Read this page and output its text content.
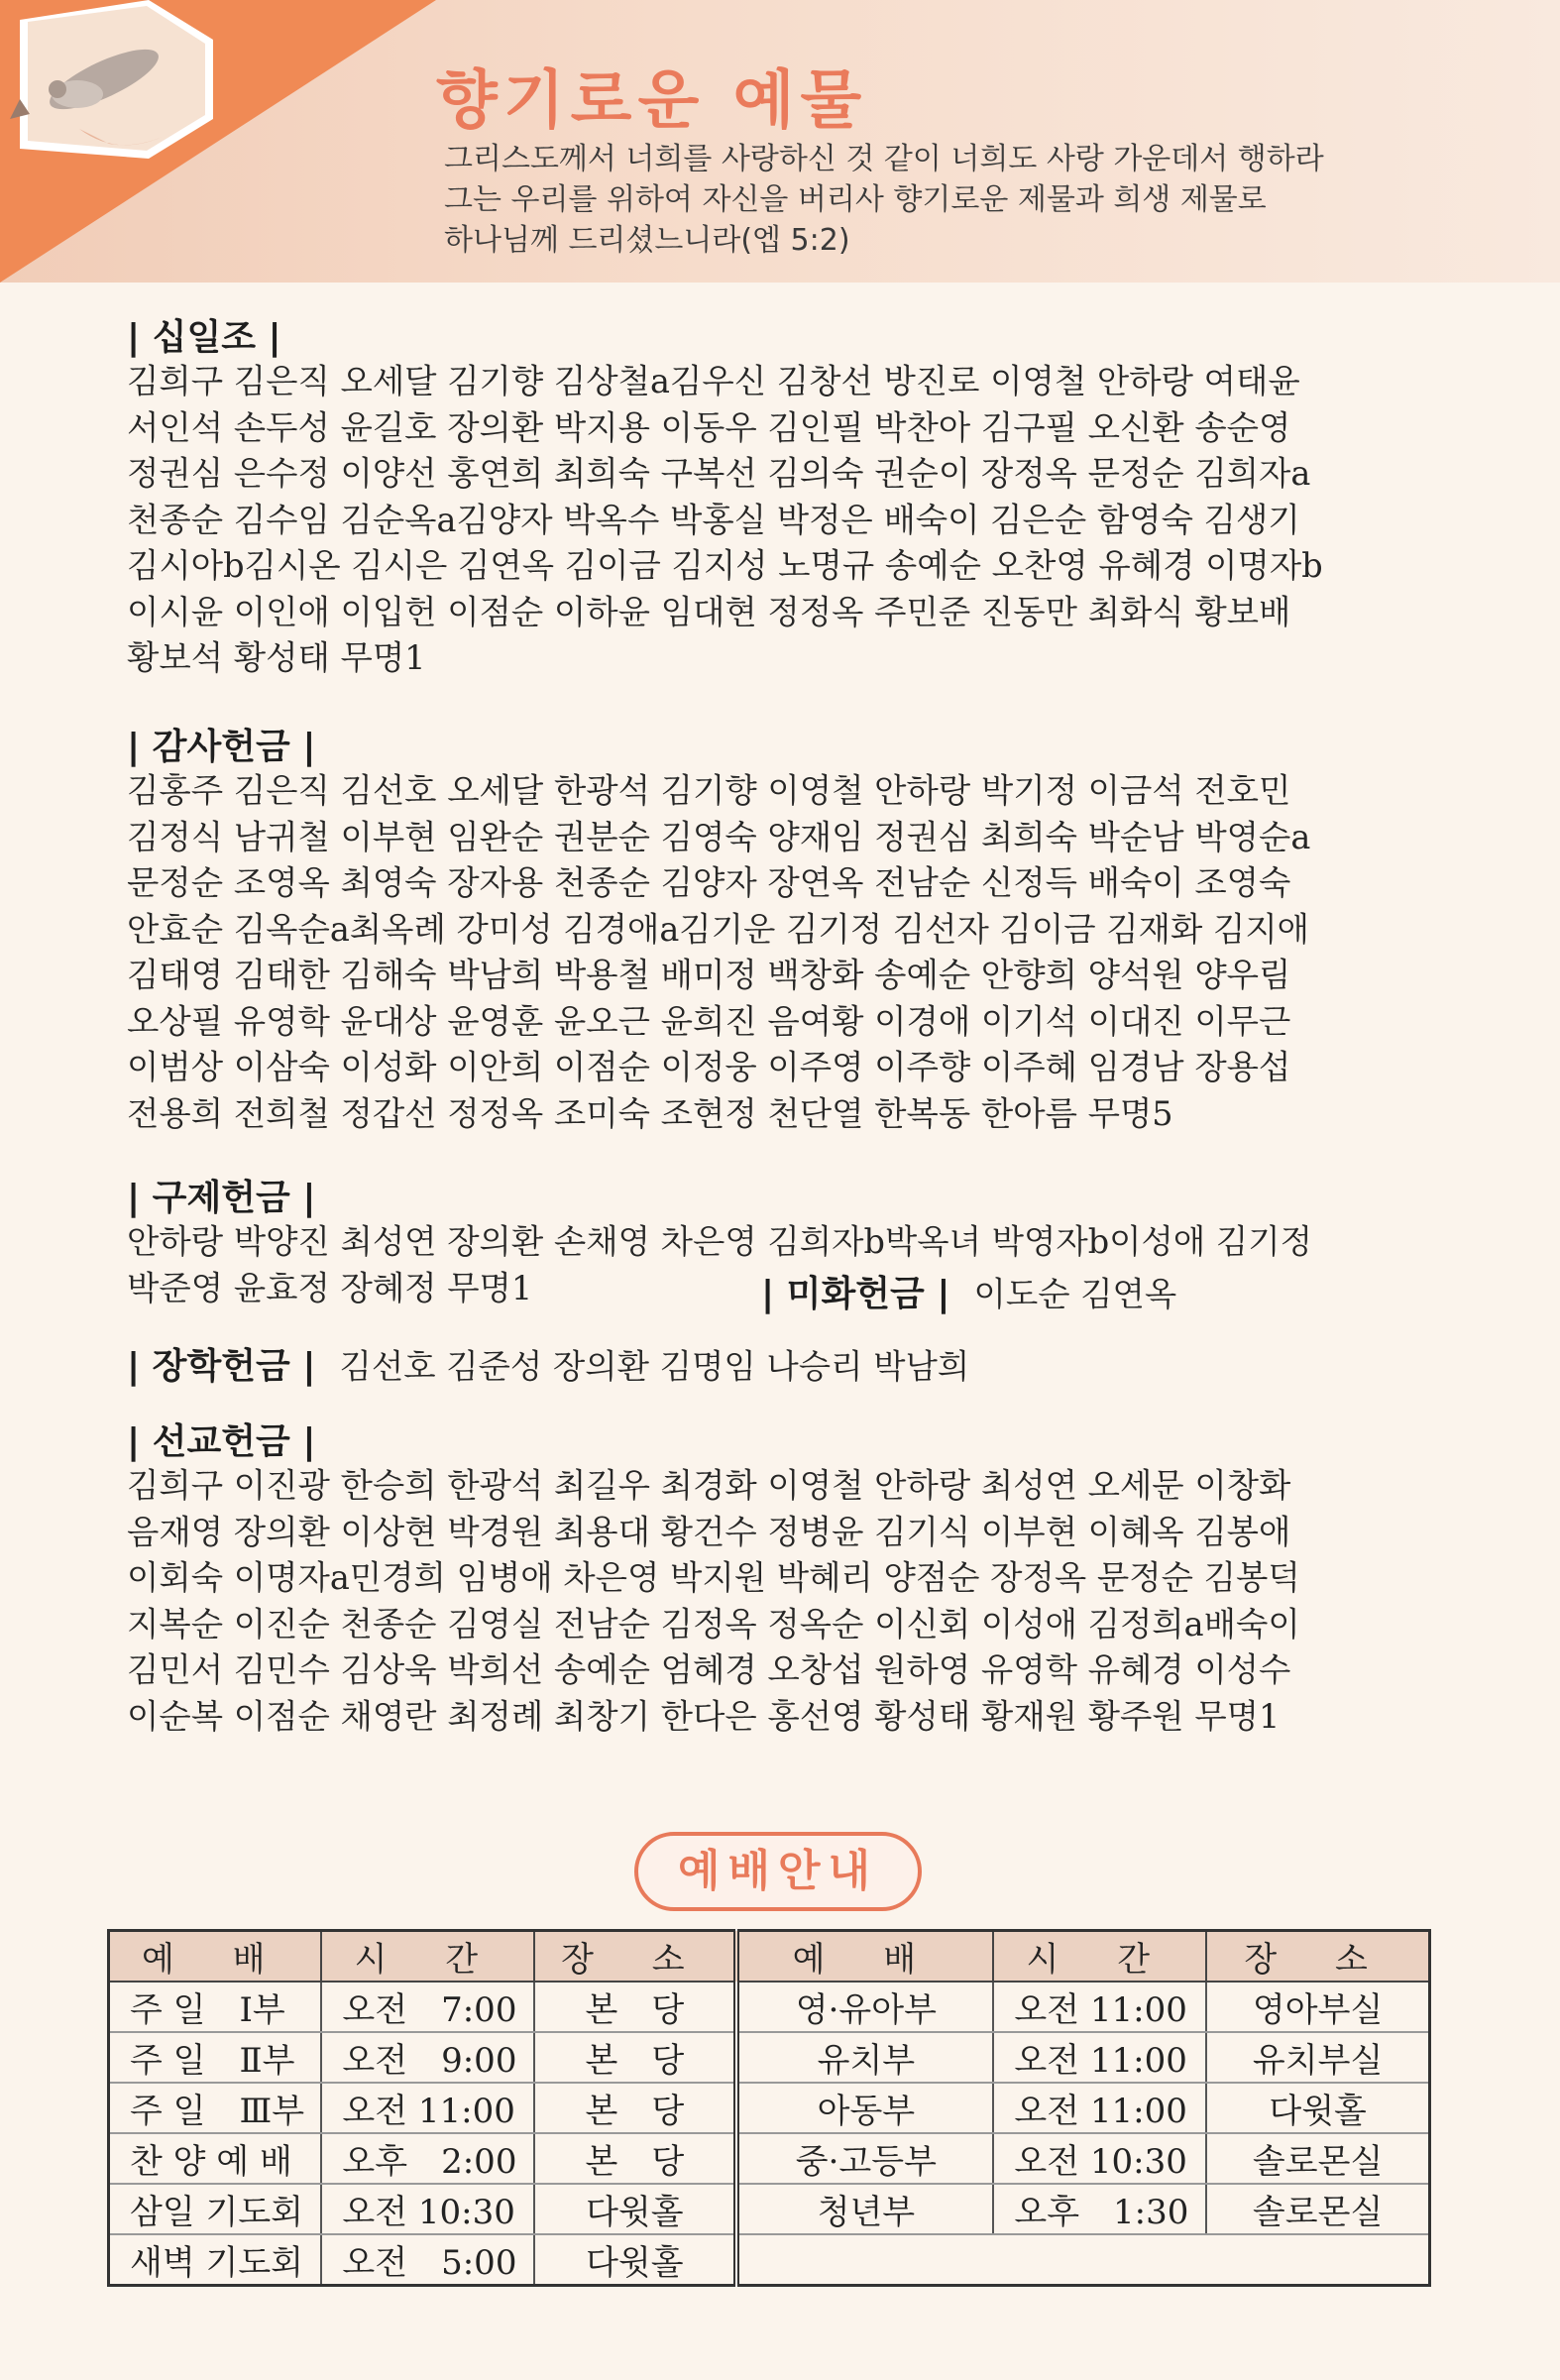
향기로운 예물
그리스도께서 너희를 사랑하신 것 같이 너희도 사랑 가운데서 행하라
그는 우리를 위하여 자신을 버리사 향기로운 제물과 희생 제물로
하나님께 드리셨느니라(엡 5:2)
| 십일조 |
김희구 김은직 오세달 김기향 김상철a김우신 김창선 방진로 이영철 안하랑 여태윤
서인석 손두성 윤길호 장의환 박지용 이동우 김인필 박찬아 김구필 오신환 송순영
정권심 은수정 이양선 홍연희 최희숙 구복선 김의숙 권순이 장정옥 문정순 김희자a
천종순 김수임 김순옥a김양자 박옥수 박홍실 박정은 배숙이 김은순 함영숙 김생기
김시아b김시온 김시은 김연옥 김이금 김지성 노명규 송예순 오찬영 유혜경 이명자b
이시윤 이인애 이입헌 이점순 이하윤 임대현 정정옥 주민준 진동만 최화식 황보배
황보석 황성태 무명1
| 감사헌금 |
김홍주 김은직 김선호 오세달 한광석 김기향 이영철 안하랑 박기정 이금석 전호민
김정식 남귀철 이부현 임완순 권분순 김영숙 양재임 정권심 최희숙 박순남 박영순a
문정순 조영옥 최영숙 장자용 천종순 김양자 장연옥 전남순 신정득 배숙이 조영숙
안효순 김옥순a최옥례 강미성 김경애a김기운 김기정 김선자 김이금 김재화 김지애
김태영 김태한 김해숙 박남희 박용철 배미정 백창화 송예순 안향희 양석원 양우림
오상필 유영학 윤대상 윤영훈 윤오근 윤희진 음여황 이경애 이기석 이대진 이무근
이범상 이삼숙 이성화 이안희 이점순 이정웅 이주영 이주향 이주혜 임경남 장용섭
전용희 전희철 정갑선 정정옥 조미숙 조현정 천단열 한복동 한아름 무명5
| 구제헌금 |
안하랑 박양진 최성연 장의환 손채영 차은영 김희자b박옥녀 박영자b이성애 김기정
박준영 윤효정 장혜정 무명1	| 미화헌금 | 이도순 김연옥
| 장학헌금 | 김선호 김준성 장의환 김명임 나승리 박남희
| 선교헌금 |
김희구 이진광 한승희 한광석 최길우 최경화 이영철 안하랑 최성연 오세문 이창화
음재영 장의환 이상현 박경원 최용대 황건수 정병윤 김기식 이부현 이혜옥 김봉애
이회숙 이명자a민경희 임병애 차은영 박지원 박혜리 양점순 장정옥 문정순 김봉덕
지복순 이진순 천종순 김영실 전남순 김정옥 정옥순 이신회 이성애 김정희a배숙이
김민서 김민수 김상욱 박희선 송예순 엄혜경 오창섭 원하영 유영학 유혜경 이성수
이순복 이점순 채영란 최정례 최창기 한다은 홍선영 황성태 황재원 황주원 무명1
예배안내
예 배	시 간	장 소	예 배	시 간	장 소
주 일　Ⅰ부	오전　7:00	본　당	영·유아부	오전 11:00	영아부실
주 일　Ⅱ부	오전　9:00	본　당	유치부	오전 11:00	유치부실
주 일　Ⅲ부	오전 11:00	본　당	아동부	오전 11:00	다윗홀
찬 양 예 배	오후　2:00	본　당	중·고등부	오전 10:30	솔로몬실
삼일 기도회	오전 10:30	다윗홀	청년부	오후　1:30	솔로몬실
새벽 기도회	오전　5:00	다윗홀			
